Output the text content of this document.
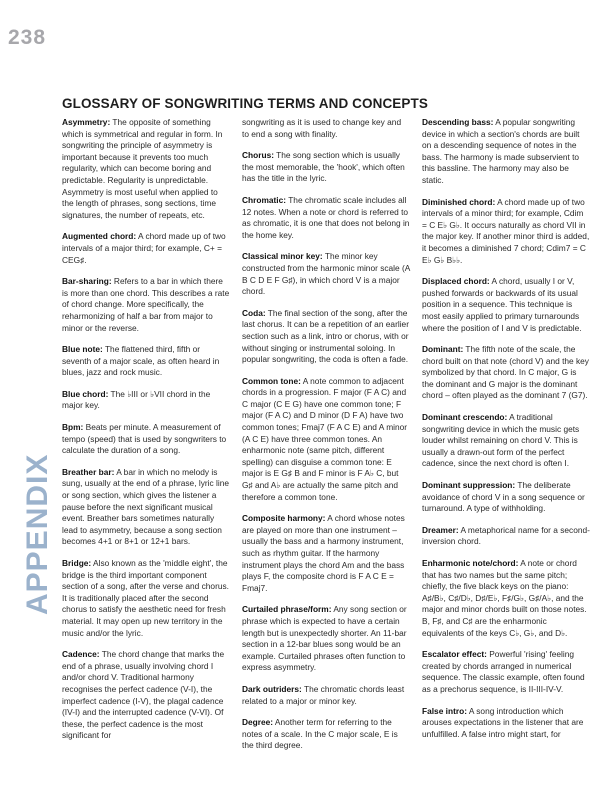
238
APPENDIX
GLOSSARY OF SONGWRITING TERMS AND CONCEPTS

Asymmetry: The opposite of something which is symmetrical and regular in form. In songwriting the principle of asymmetry is important because it prevents too much regularity, which can become boring and predictable. Regularity is unpredictable. Asymmetry is most useful when applied to the length of phrases, song sections, time signatures, the number of repeats, etc.

Augmented chord: A chord made up of two intervals of a major third; for example, C+ = CEG♯.

Bar-sharing: Refers to a bar in which there is more than one chord. This describes a rate of chord change. More specifically, the reharmonizing of half a bar from major to minor or the reverse.

Blue note: The flattened third, fifth or seventh of a major scale, as often heard in blues, jazz and rock music.

Blue chord: The ♭III or ♭VII chord in the major key.

Bpm: Beats per minute. A measurement of tempo (speed) that is used by songwriters to calculate the duration of a song.

Breather bar: A bar in which no melody is sung, usually at the end of a phrase, lyric line or song section, which gives the listener a pause before the next significant musical event. Breather bars sometimes naturally lead to asymmetry, because a song section becomes 4+1 or 8+1 or 12+1 bars.

Bridge: Also known as the 'middle eight', the bridge is the third important component section of a song, after the verse and chorus. It is traditionally placed after the second chorus to satisfy the aesthetic need for fresh material. It may open up new territory in the music and/or the lyric.

Cadence: The chord change that marks the end of a phrase, usually involving chord I and/or chord V. Traditional harmony recognises the perfect cadence (V-I), the imperfect cadence (I-V), the plagal cadence (IV-I) and the interrupted cadence (V-VI). Of these, the perfect cadence is the most significant for

songwriting as it is used to change key and to end a song with finality.

Chorus: The song section which is usually the most memorable, the 'hook', which often has the title in the lyric.

Chromatic: The chromatic scale includes all 12 notes. When a note or chord is referred to as chromatic, it is one that does not belong in the home key.

Classical minor key: The minor key constructed from the harmonic minor scale (A B C D E F G♯), in which chord V is a major chord.

Coda: The final section of the song, after the last chorus. It can be a repetition of an earlier section such as a link, intro or chorus, with or without singing or instrumental soloing. In popular songwriting, the coda is often a fade.

Common tone: A note common to adjacent chords in a progression. F major (F A C) and C major (C E G) have one common tone; F major (F A C) and D minor (D F A) have two common tones; Fmaj7 (F A C E) and A minor (A C E) have three common tones. An enharmonic note (same pitch, different spelling) can disguise a common tone: E major is E G♯ B and F minor is F A♭ C, but G♯ and A♭ are actually the same pitch and therefore a common tone.

Composite harmony: A chord whose notes are played on more than one instrument – usually the bass and a harmony instrument, such as rhythm guitar. If the harmony instrument plays the chord Am and the bass plays F, the composite chord is F A C E = Fmaj7.

Curtailed phrase/form: Any song section or phrase which is expected to have a certain length but is unexpectedly shorter. An 11-bar section in a 12-bar blues song would be an example. Curtailed phrases often function to express asymmetry.

Dark outriders: The chromatic chords least related to a major or minor key.

Degree: Another term for referring to the notes of a scale. In the C major scale, E is the third degree.

Descending bass: A popular songwriting device in which a section's chords are built on a descending sequence of notes in the bass. The harmony is made subservient to this bassline. The harmony may also be static.

Diminished chord: A chord made up of two intervals of a minor third; for example, Cdim = C E♭ G♭. It occurs naturally as chord VII in the major key. If another minor third is added, it becomes a diminished 7 chord; Cdim7 = C E♭ G♭ B♭♭.

Displaced chord: A chord, usually I or V, pushed forwards or backwards of its usual position in a sequence. This technique is most easily applied to primary turnarounds where the position of I and V is predictable.

Dominant: The fifth note of the scale, the chord built on that note (chord V) and the key symbolized by that chord. In C major, G is the dominant and G major is the dominant chord – often played as the dominant 7 (G7).

Dominant crescendo: A traditional songwriting device in which the music gets louder whilst remaining on chord V. This is usually a drawn-out form of the perfect cadence, since the next chord is often I.

Dominant suppression: The deliberate avoidance of chord V in a song sequence or turnaround. A type of withholding.

Dreamer: A metaphorical name for a second-inversion chord.

Enharmonic note/chord: A note or chord that has two names but the same pitch; chiefly, the five black keys on the piano: A♯/B♭, C♯/D♭, D♯/E♭, F♯/G♭, G♯/A♭, and the major and minor chords built on those notes. B, F♯, and C♯ are the enharmonic equivalents of the keys C♭, G♭, and D♭.

Escalator effect: Powerful 'rising' feeling created by chords arranged in numerical sequence. The classic example, often found as a prechorus sequence, is II-III-IV-V.

False intro: A song introduction which arouses expectations in the listener that are unfulfilled. A false intro might start, for
